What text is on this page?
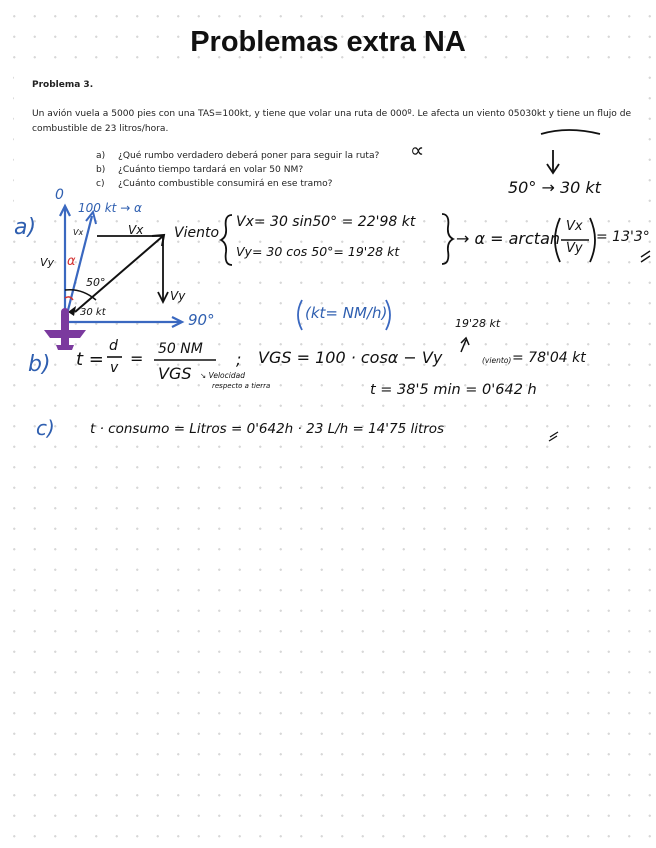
Problemas extra NA
Problema 3.
Un avión vuela a 5000 pies con una TAS=100kt, y tiene que volar una ruta de 000º. Le afecta un viento 05030kt y tiene un flujo de combustible de 23 litros/hora.
a) ¿Qué rumbo verdadero deberá poner para seguir la ruta?
b) ¿Cuánto tiempo tardará en volar 50 NM?
c) ¿Cuánto combustible consumirá en ese tramo?
∝
50° → 30 kt
a)
0
100 kt → α
Vx	Vx
Vy α
50°
30 kt
Vy
90°
Viento
Vx= 30 sin50° = 22'98 kt
Vy= 30 cos 50°= 19'28 kt
→ α = arctan
Vx
Vy
= 13'3°
(kt= NM/h)
b)
19'28 kt
t =
d
v = 50 NM
VGS ↘ Velocidad
respecto a tierra
; VGS = 100 · cosα − Vy	(viento) = 78'04 kt
t = 38'5 min = 0'642 h
c)	t · consumo = Litros = 0'642h · 23 L/h = 14'75 litros
